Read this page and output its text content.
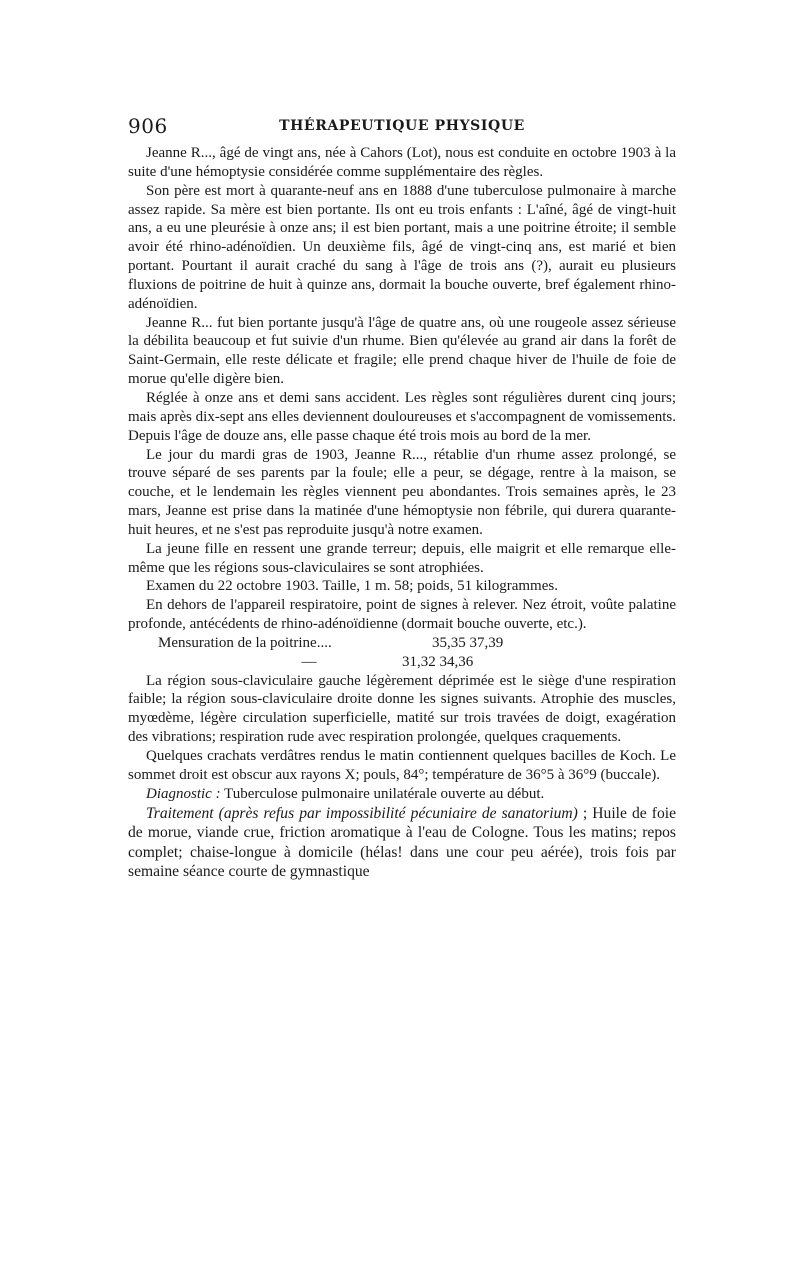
906	THÉRAPEUTIQUE PHYSIQUE

Jeanne R..., âgé de vingt ans, née à Cahors (Lot), nous est conduite en octobre 1903 à la suite d'une hémoptysie considérée comme supplémentaire des règles.

Son père est mort à quarante-neuf ans en 1888 d'une tuberculose pulmonaire à marche assez rapide. Sa mère est bien portante. Ils ont eu trois enfants : L'aîné, âgé de vingt-huit ans, a eu une pleurésie à onze ans; il est bien portant, mais a une poitrine étroite; il semble avoir été rhino-adénoïdien. Un deuxième fils, âgé de vingt-cinq ans, est marié et bien portant. Pourtant il aurait craché du sang à l'âge de trois ans (?), aurait eu plusieurs fluxions de poitrine de huit à quinze ans, dormait la bouche ouverte, bref également rhino-adénoïdien.

Jeanne R... fut bien portante jusqu'à l'âge de quatre ans, où une rougeole assez sérieuse la débilita beaucoup et fut suivie d'un rhume. Bien qu'élevée au grand air dans la forêt de Saint-Germain, elle reste délicate et fragile; elle prend chaque hiver de l'huile de foie de morue qu'elle digère bien.

Réglée à onze ans et demi sans accident. Les règles sont régulières durent cinq jours; mais après dix-sept ans elles deviennent douloureuses et s'accompagnent de vomissements. Depuis l'âge de douze ans, elle passe chaque été trois mois au bord de la mer.

Le jour du mardi gras de 1903, Jeanne R..., rétablie d'un rhume assez prolongé, se trouve séparé de ses parents par la foule; elle a peur, se dégage, rentre à la maison, se couche, et le lendemain les règles viennent peu abondantes. Trois semaines après, le 23 mars, Jeanne est prise dans la matinée d'une hémoptysie non fébrile, qui durera quarante-huit heures, et ne s'est pas reproduite jusqu'à notre examen.

La jeune fille en ressent une grande terreur; depuis, elle maigrit et elle remarque elle-même que les régions sous-claviculaires se sont atrophiées.

Examen du 22 octobre 1903. Taille, 1 m. 58; poids, 51 kilogrammes.

En dehors de l'appareil respiratoire, point de signes à relever. Nez étroit, voûte palatine profonde, antécédents de rhino-adénoïdienne (dormait bouche ouverte, etc.).

Mensuration de la poitrine....	35,35 37,39
—	31,32 34,36

La région sous-claviculaire gauche légèrement déprimée est le siège d'une respiration faible; la région sous-claviculaire droite donne les signes suivants. Atrophie des muscles, myœdème, légère circulation superficielle, matité sur trois travées de doigt, exagération des vibrations; respiration rude avec respiration prolongée, quelques craquements.

Quelques crachats verdâtres rendus le matin contiennent quelques bacilles de Koch. Le sommet droit est obscur aux rayons X; pouls, 84°; température de 36°5 à 36°9 (buccale).

Diagnostic : Tuberculose pulmonaire unilatérale ouverte au début.

Traitement (après refus par impossibilité pécuniaire de sanatorium) ; Huile de foie de morue, viande crue, friction aromatique à l'eau de Cologne. Tous les matins; repos complet; chaise-longue à domicile (hélas! dans une cour peu aérée), trois fois par semaine séance courte de gymnastique
